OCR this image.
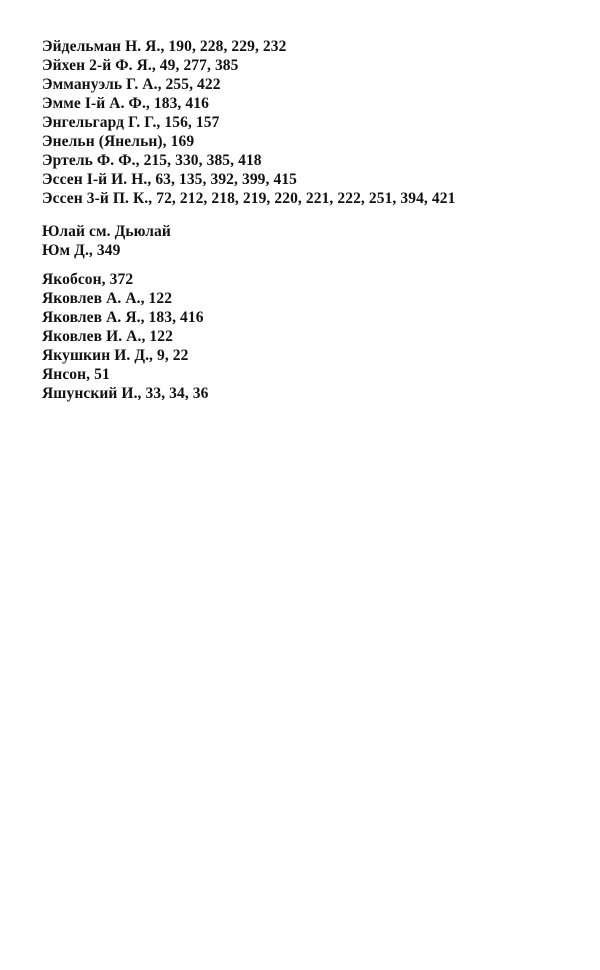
Эйдельман Н. Я., 190, 228, 229, 232
Эйхен 2-й Ф. Я., 49, 277, 385
Эммануэль Г. А., 255, 422
Эмме І-й А. Ф., 183, 416
Энгельгард Г. Г., 156, 157
Энельн (Янельн), 169
Эртель Ф. Ф., 215, 330, 385, 418
Эссен І-й И. Н., 63, 135, 392, 399, 415
Эссен 3-й П. К., 72, 212, 218, 219, 220, 221, 222, 251, 394, 421
Юлай см. Дьюлай
Юм Д., 349
Якобсон, 372
Яковлев А. А., 122
Яковлев А. Я., 183, 416
Яковлев И. А., 122
Якушкин И. Д., 9, 22
Янсон, 51
Яшунский И., 33, 34, 36
